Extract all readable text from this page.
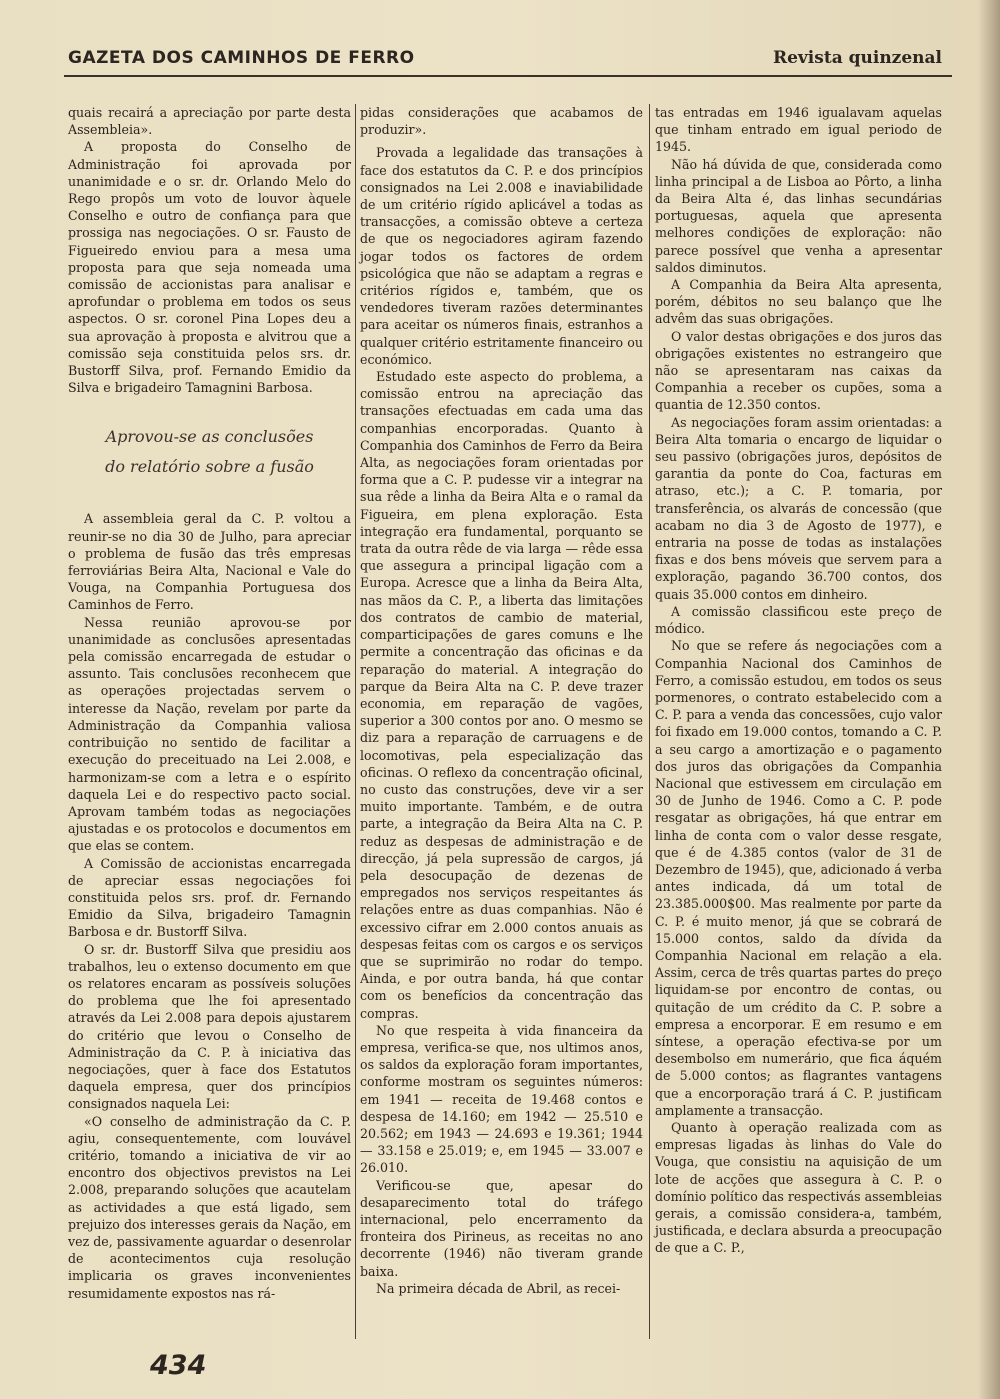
GAZETA DOS CAMINHOS DE FERRO	Revista quinzenal

quais recairá a apreciação por parte desta Assembleia».

A proposta do Conselho de Administração foi aprovada por unanimidade e o sr. dr. Orlando Melo do Rego propôs um voto de louvor àquele Conselho e outro de confiança para que prossiga nas negociações. O sr. Fausto de Figueiredo enviou para a mesa uma proposta para que seja nomeada uma comissão de accionistas para analisar e aprofundar o problema em todos os seus aspectos. O sr. coronel Pina Lopes deu a sua aprovação à proposta e alvitrou que a comissão seja constituida pelos srs. dr. Bustorff Silva, prof. Fernando Emidio da Silva e brigadeiro Tamagnini Barbosa.

Aprovou-se as conclusões
do relatório sobre a fusão

A assembleia geral da C. P. voltou a reunir-se no dia 30 de Julho, para apreciar o problema de fusão das três empresas ferroviárias Beira Alta, Nacional e Vale do Vouga, na Companhia Portuguesa dos Caminhos de Ferro.

Nessa reunião aprovou-se por unanimidade as conclusões apresentadas pela comissão encarregada de estudar o assunto. Tais conclusões reconhecem que as operações projectadas servem o interesse da Nação, revelam por parte da Administração da Companhia valiosa contribuição no sentido de facilitar a execução do preceituado na Lei 2.008, e harmonizam-se com a letra e o espírito daquela Lei e do respectivo pacto social. Aprovam também todas as negociações ajustadas e os protocolos e documentos em que elas se contem.

A Comissão de accionistas encarregada de apreciar essas negociações foi constituida pelos srs. prof. dr. Fernando Emidio da Silva, brigadeiro Tamagnin Barbosa e dr. Bustorff Silva.

O sr. dr. Bustorff Silva que presidiu aos trabalhos, leu o extenso documento em que os relatores encaram as possíveis soluções do problema que lhe foi apresentado através da Lei 2.008 para depois ajustarem do critério que levou o Conselho de Administração da C. P. à iniciativa das negociações, quer à face dos Estatutos daquela empresa, quer dos princípios consignados naquela Lei:

«O conselho de administração da C. P. agiu, consequentemente, com louvável critério, tomando a iniciativa de vir ao encontro dos objectivos previstos na Lei 2.008, preparando soluções que acautelam as actividades a que está ligado, sem prejuizo dos interesses gerais da Nação, em vez de, passivamente aguardar o desenrolar de acontecimentos cuja resolução implicaria os graves inconvenientes resumidamente expostos nas rá-

pidas considerações que acabamos de produzir».

Provada a legalidade das transações à face dos estatutos da C. P. e dos princípios consignados na Lei 2.008 e inaviabilidade de um critério rígido aplicável a todas as transacções, a comissão obteve a certeza de que os negociadores agiram fazendo jogar todos os factores de ordem psicológica que não se adaptam a regras e critérios rígidos e, também, que os vendedores tiveram razões determinantes para aceitar os números finais, estranhos a qualquer critério estritamente financeiro ou económico.

Estudado este aspecto do problema, a comissão entrou na apreciação das transações efectuadas em cada uma das companhias encorporadas. Quanto à Companhia dos Caminhos de Ferro da Beira Alta, as negociações foram orientadas por forma que a C. P. pudesse vir a integrar na sua rêde a linha da Beira Alta e o ramal da Figueira, em plena exploração. Esta integração era fundamental, porquanto se trata da outra rêde de via larga — rêde essa que assegura a principal ligação com a Europa. Acresce que a linha da Beira Alta, nas mãos da C. P., a liberta das limitações dos contratos de cambio de material, comparticipações de gares comuns e lhe permite a concentração das oficinas e da reparação do material. A integração do parque da Beira Alta na C. P. deve trazer economia, em reparação de vagões, superior a 300 contos por ano. O mesmo se diz para a reparação de carruagens e de locomotivas, pela especialização das oficinas. O reflexo da concentração oficinal, no custo das construções, deve vir a ser muito importante. Também, e de outra parte, a integração da Beira Alta na C. P. reduz as despesas de administração e de direcção, já pela supressão de cargos, já pela desocupação de dezenas de empregados nos serviços respeitantes ás relações entre as duas companhias. Não é excessivo cifrar em 2.000 contos anuais as despesas feitas com os cargos e os serviços que se suprimirão no rodar do tempo. Ainda, e por outra banda, há que contar com os benefícios da concentração das compras.

No que respeita à vida financeira da empresa, verifica-se que, nos ultimos anos, os saldos da exploração foram importantes, conforme mostram os seguintes números: em 1941 — receita de 19.468 contos e despesa de 14.160; em 1942 — 25.510 e 20.562; em 1943 — 24.693 e 19.361; 1944 — 33.158 e 25.019; e, em 1945 — 33.007 e 26.010.

Verificou-se que, apesar do desaparecimento total do tráfego internacional, pelo encerramento da fronteira dos Pirineus, as receitas no ano decorrente (1946) não tiveram grande baixa.

Na primeira década de Abril, as recei-

tas entradas em 1946 igualavam aquelas que tinham entrado em igual periodo de 1945.

Não há dúvida de que, considerada como linha principal a de Lisboa ao Pôrto, a linha da Beira Alta é, das linhas secundárias portuguesas, aquela que apresenta melhores condições de exploração: não parece possível que venha a apresentar saldos diminutos.

A Companhia da Beira Alta apresenta, porém, débitos no seu balanço que lhe advêm das suas obrigações.

O valor destas obrigações e dos juros das obrigações existentes no estrangeiro que não se apresentaram nas caixas da Companhia a receber os cupões, soma a quantia de 12.350 contos.

As negociações foram assim orientadas: a Beira Alta tomaria o encargo de liquidar o seu passivo (obrigações juros, depósitos de garantia da ponte do Coa, facturas em atraso, etc.); a C. P. tomaria, por transferência, os alvarás de concessão (que acabam no dia 3 de Agosto de 1977), e entraria na posse de todas as instalações fixas e dos bens móveis que servem para a exploração, pagando 36.700 contos, dos quais 35.000 contos em dinheiro.

A comissão classificou este preço de módico.

No que se refere ás negociações com a Companhia Nacional dos Caminhos de Ferro, a comissão estudou, em todos os seus pormenores, o contrato estabelecido com a C. P. para a venda das concessões, cujo valor foi fixado em 19.000 contos, tomando a C. P. a seu cargo a amortização e o pagamento dos juros das obrigações da Companhia Nacional que estivessem em circulação em 30 de Junho de 1946. Como a C. P. pode resgatar as obrigações, há que entrar em linha de conta com o valor desse resgate, que é de 4.385 contos (valor de 31 de Dezembro de 1945), que, adicionado á verba antes indicada, dá um total de 23.385.000$00. Mas realmente por parte da C. P. é muito menor, já que se cobrará de 15.000 contos, saldo da dívida da Companhia Nacional em relação a ela. Assim, cerca de três quartas partes do preço liquidam-se por encontro de contas, ou quitação de um crédito da C. P. sobre a empresa a encorporar. E em resumo e em síntese, a operação efectiva-se por um desembolso em numerário, que fica áquém de 5.000 contos; as flagrantes vantagens que a encorporação trará á C. P. justificam amplamente a transacção.

Quanto à operação realizada com as empresas ligadas às linhas do Vale do Vouga, que consistiu na aquisição de um lote de acções que assegura à C. P. o domínio político das respectivás assembleias gerais, a comissão considera-a, também, justificada, e declara absurda a preocupação de que a C. P.,

434
